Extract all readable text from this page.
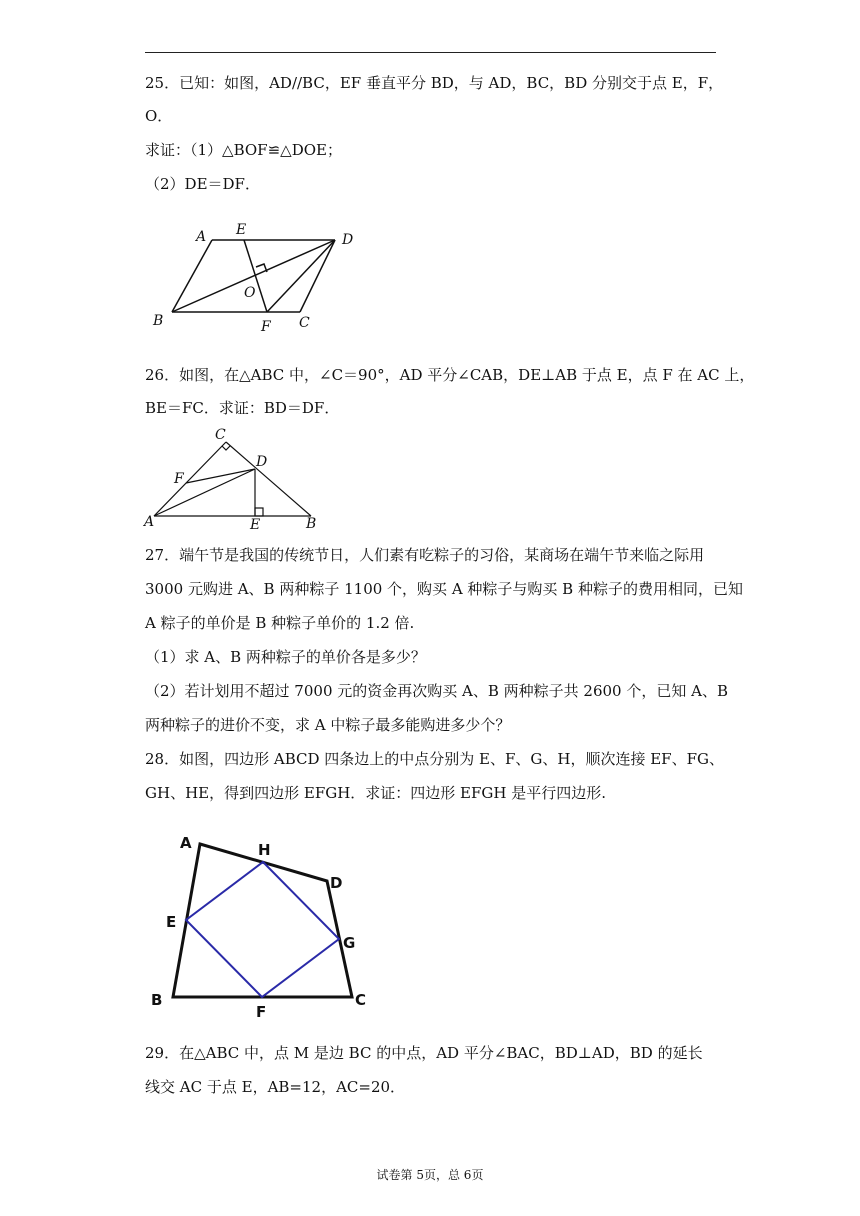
25．已知：如图，AD//BC，EF 垂直平分 BD，与 AD，BC，BD 分别交于点 E，F，
O．
求证：（1）△BOF≌△DOE；
（2）DE＝DF．
A E
D
O
B	F C
26．如图，在△ABC 中，∠C＝90°，AD 平分∠CAB，DE⊥AB 于点 E，点 F 在 AC 上，
BE＝FC．求证：BD＝DF．
C
F
D
A	E	B
27．端午节是我国的传统节日，人们素有吃粽子的习俗，某商场在端午节来临之际用
3000 元购进 A、B 两种粽子 1100 个，购买 A 种粽子与购买 B 种粽子的费用相同，已知
A 粽子的单价是 B 种粽子单价的 1.2 倍.
（1）求 A、B 两种粽子的单价各是多少？
（2）若计划用不超过 7000 元的资金再次购买 A、B 两种粽子共 2600 个，已知 A、B
两种粽子的进价不变，求 A 中粽子最多能购进多少个？
28．如图，四边形 ABCD 四条边上的中点分别为 E、F、G、H，顺次连接 EF、FG、
GH、HE，得到四边形 EFGH．求证：四边形 EFGH 是平行四边形.
A	H
D
E
G
B
F
C
29．在△ABC 中，点 M 是边 BC 的中点，AD 平分∠BAC，BD⊥AD，BD 的延长
线交 AC 于点 E，AB=12，AC=20．
试卷第 5页，总 6页
